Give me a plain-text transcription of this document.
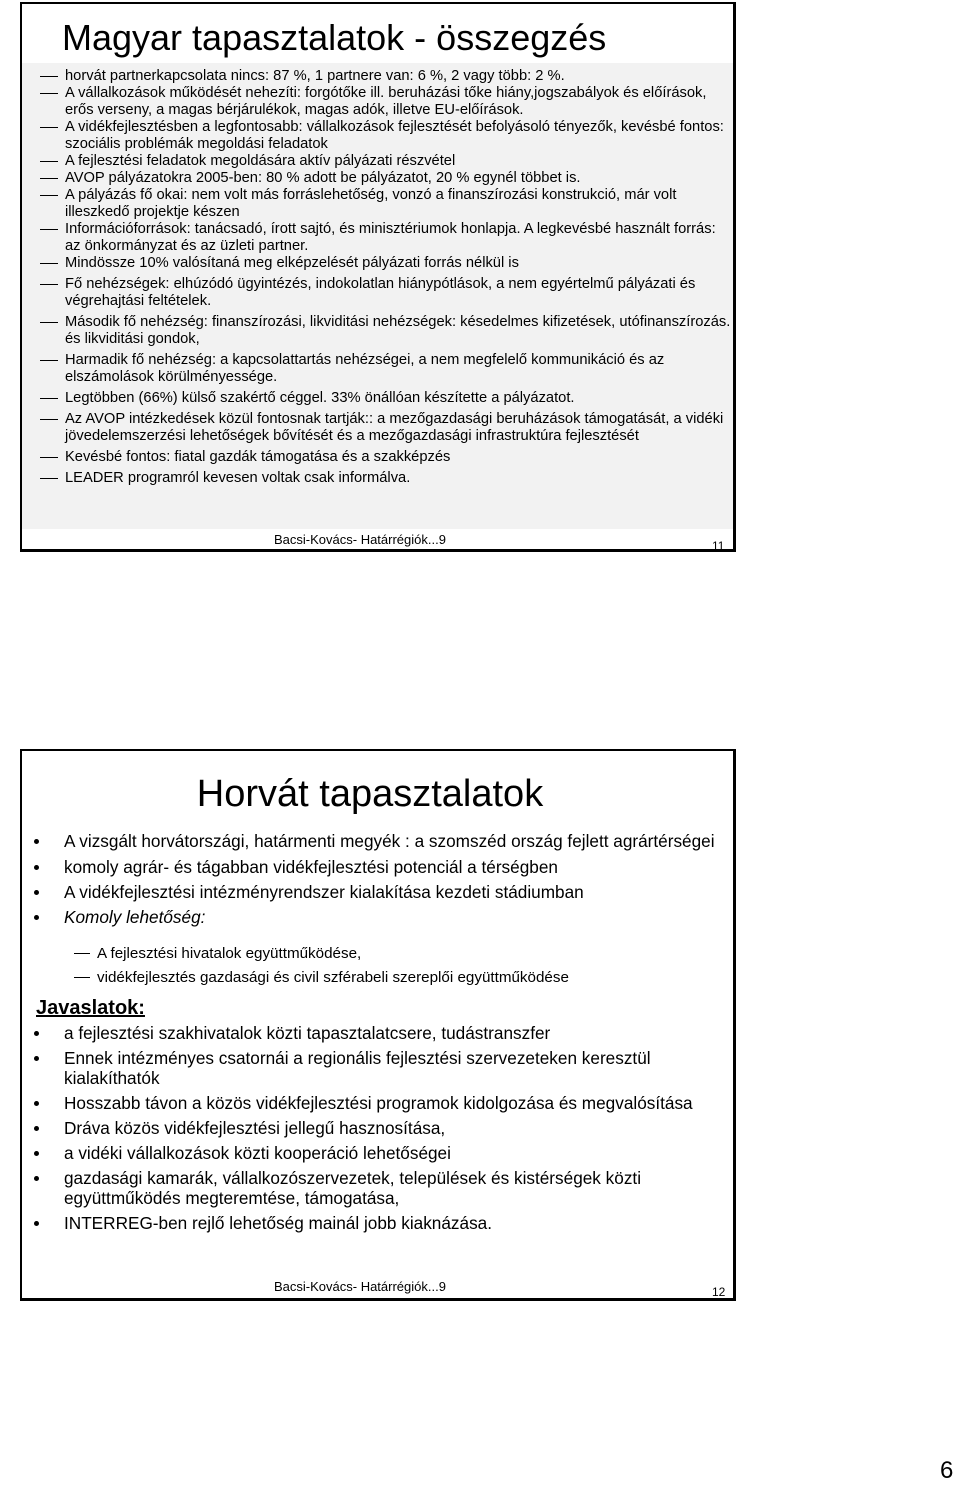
Magyar tapasztalatok - összegzés
horvát partnerkapcsolata nincs: 87 %, 1 partnere van: 6 %, 2 vagy több: 2 %.
A vállalkozások működését nehezíti: forgótőke ill. beruházási tőke hiány,jogszabályok és előírások, erős verseny, a magas bérjárulékok, magas adók, illetve EU-előírások.
A vidékfejlesztésben a legfontosabb: vállalkozások fejlesztését befolyásoló tényezők, kevésbé fontos: szociális problémák megoldási feladatok
A fejlesztési feladatok megoldására aktív pályázati részvétel
AVOP pályázatokra 2005-ben: 80 % adott be pályázatot, 20 % egynél többet is.
A pályázás fő okai: nem volt más forráslehetőség, vonzó a finanszírozási konstrukció, már volt illeszkedő projektje készen
Információforrások: tanácsadó, írott sajtó, és minisztériumok honlapja. A legkevésbé használt forrás: az önkormányzat és az üzleti partner.
Mindössze 10% valósítaná meg elképzelését pályázati forrás nélkül is
Fő nehézségek: elhúzódó ügyintézés, indokolatlan hiánypótlások, a nem egyértelmű pályázati és végrehajtási feltételek.
Második fő nehézség: finanszírozási, likviditási nehézségek: késedelmes kifizetések, utófinanszírozás. és likviditási gondok,
Harmadik fő nehézség: a kapcsolattartás nehézségei, a nem megfelelő kommunikáció és az elszámolások körülményessége.
Legtöbben (66%) külső szakértő céggel. 33% önállóan készítette a pályázatot.
Az AVOP intézkedések közül fontosnak tartják:: a mezőgazdasági beruházások támogatását, a vidéki jövedelemszerzési lehetőségek bővítését és a mezőgazdasági infrastruktúra fejlesztését
Kevésbé fontos: fiatal gazdák támogatása és a szakképzés
LEADER programról kevesen voltak csak informálva.
Bacsi-Kovács- Határrégiók...9	11
Horvát tapasztalatok
A vizsgált horvátországi, határmenti megyék : a szomszéd ország fejlett agrártérségei
komoly agrár- és tágabban vidékfejlesztési potenciál a térségben
A vidékfejlesztési intézményrendszer kialakítása kezdeti stádiumban
Komoly lehetőség:
A fejlesztési hivatalok együttműködése,
vidékfejlesztés gazdasági és civil szférabeli szereplői együttműködése
Javaslatok:
a fejlesztési szakhivatalok közti tapasztalatcsere, tudástranszfer
Ennek intézményes csatornái a regionális fejlesztési szervezeteken keresztül kialakíthatók
Hosszabb távon a közös vidékfejlesztési programok kidolgozása és megvalósítása
Dráva közös vidékfejlesztési jellegű hasznosítása,
a vidéki vállalkozások közti kooperáció lehetőségei
gazdasági kamarák, vállalkozószervezetek, települések és kistérségek közti együttműködés megteremtése, támogatása,
INTERREG-ben rejlő lehetőség mainál jobb kiaknázása.
Bacsi-Kovács- Határrégiók...9	12
6
